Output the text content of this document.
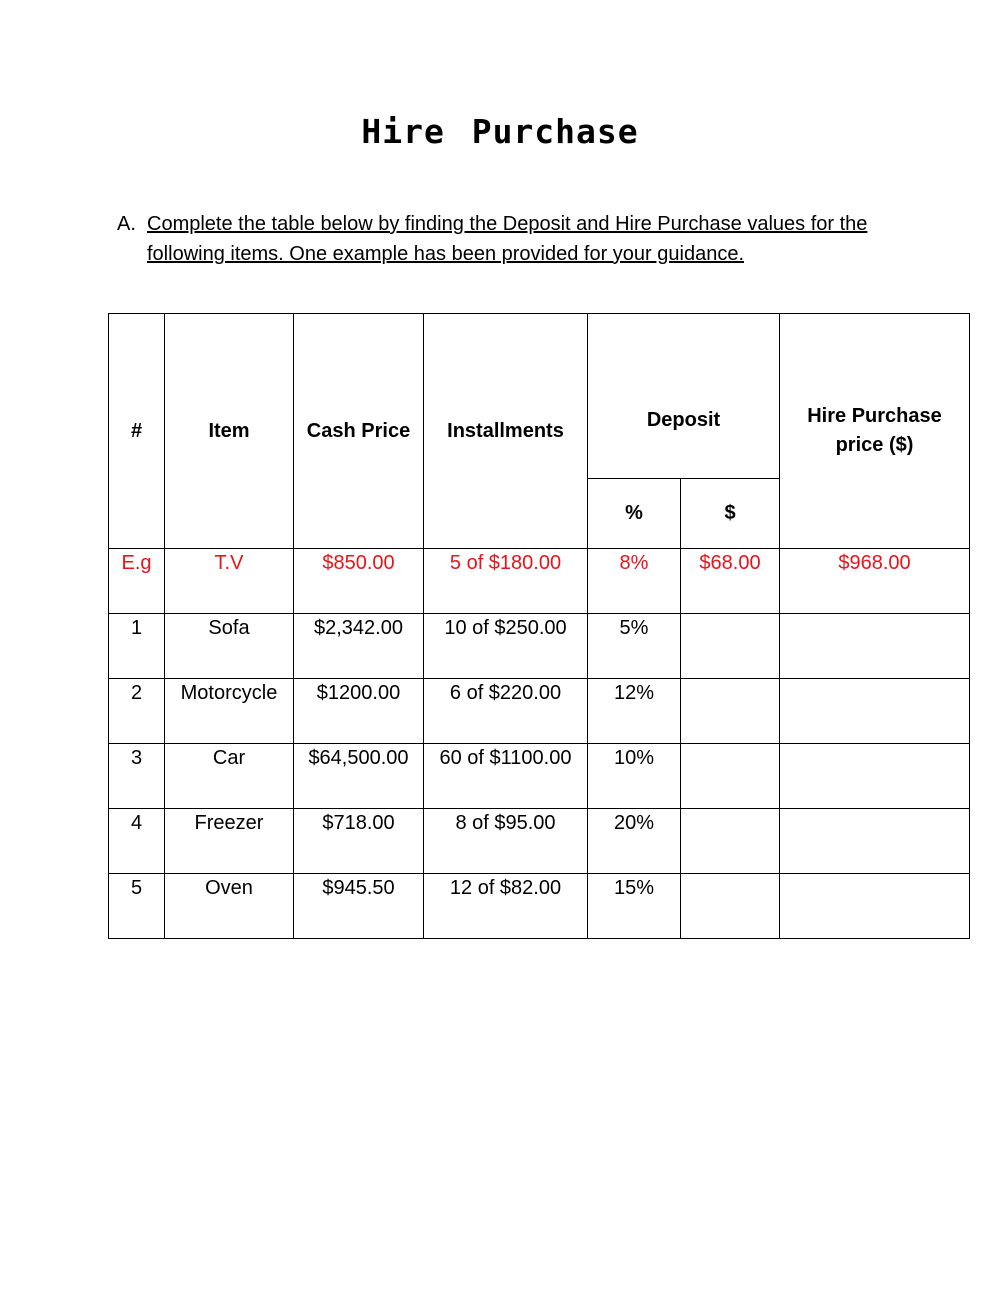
Hire Purchase
A. Complete the table below by finding the Deposit and Hire Purchase values for the following items. One example has been provided for your guidance.
#	Item	Cash Price	Installments	Deposit		Hire Purchase price ($)

				%	$	
E.g	T.V	$850.00	5 of $180.00	8%	$68.00	$968.00
1	Sofa	$2,342.00	10 of $250.00	5%		
2	Motorcycle	$1200.00	6 of $220.00	12%		
3	Car	$64,500.00	60 of $1100.00	10%		
4	Freezer	$718.00	8 of $95.00	20%		
5	Oven	$945.50	12 of $82.00	15%		
